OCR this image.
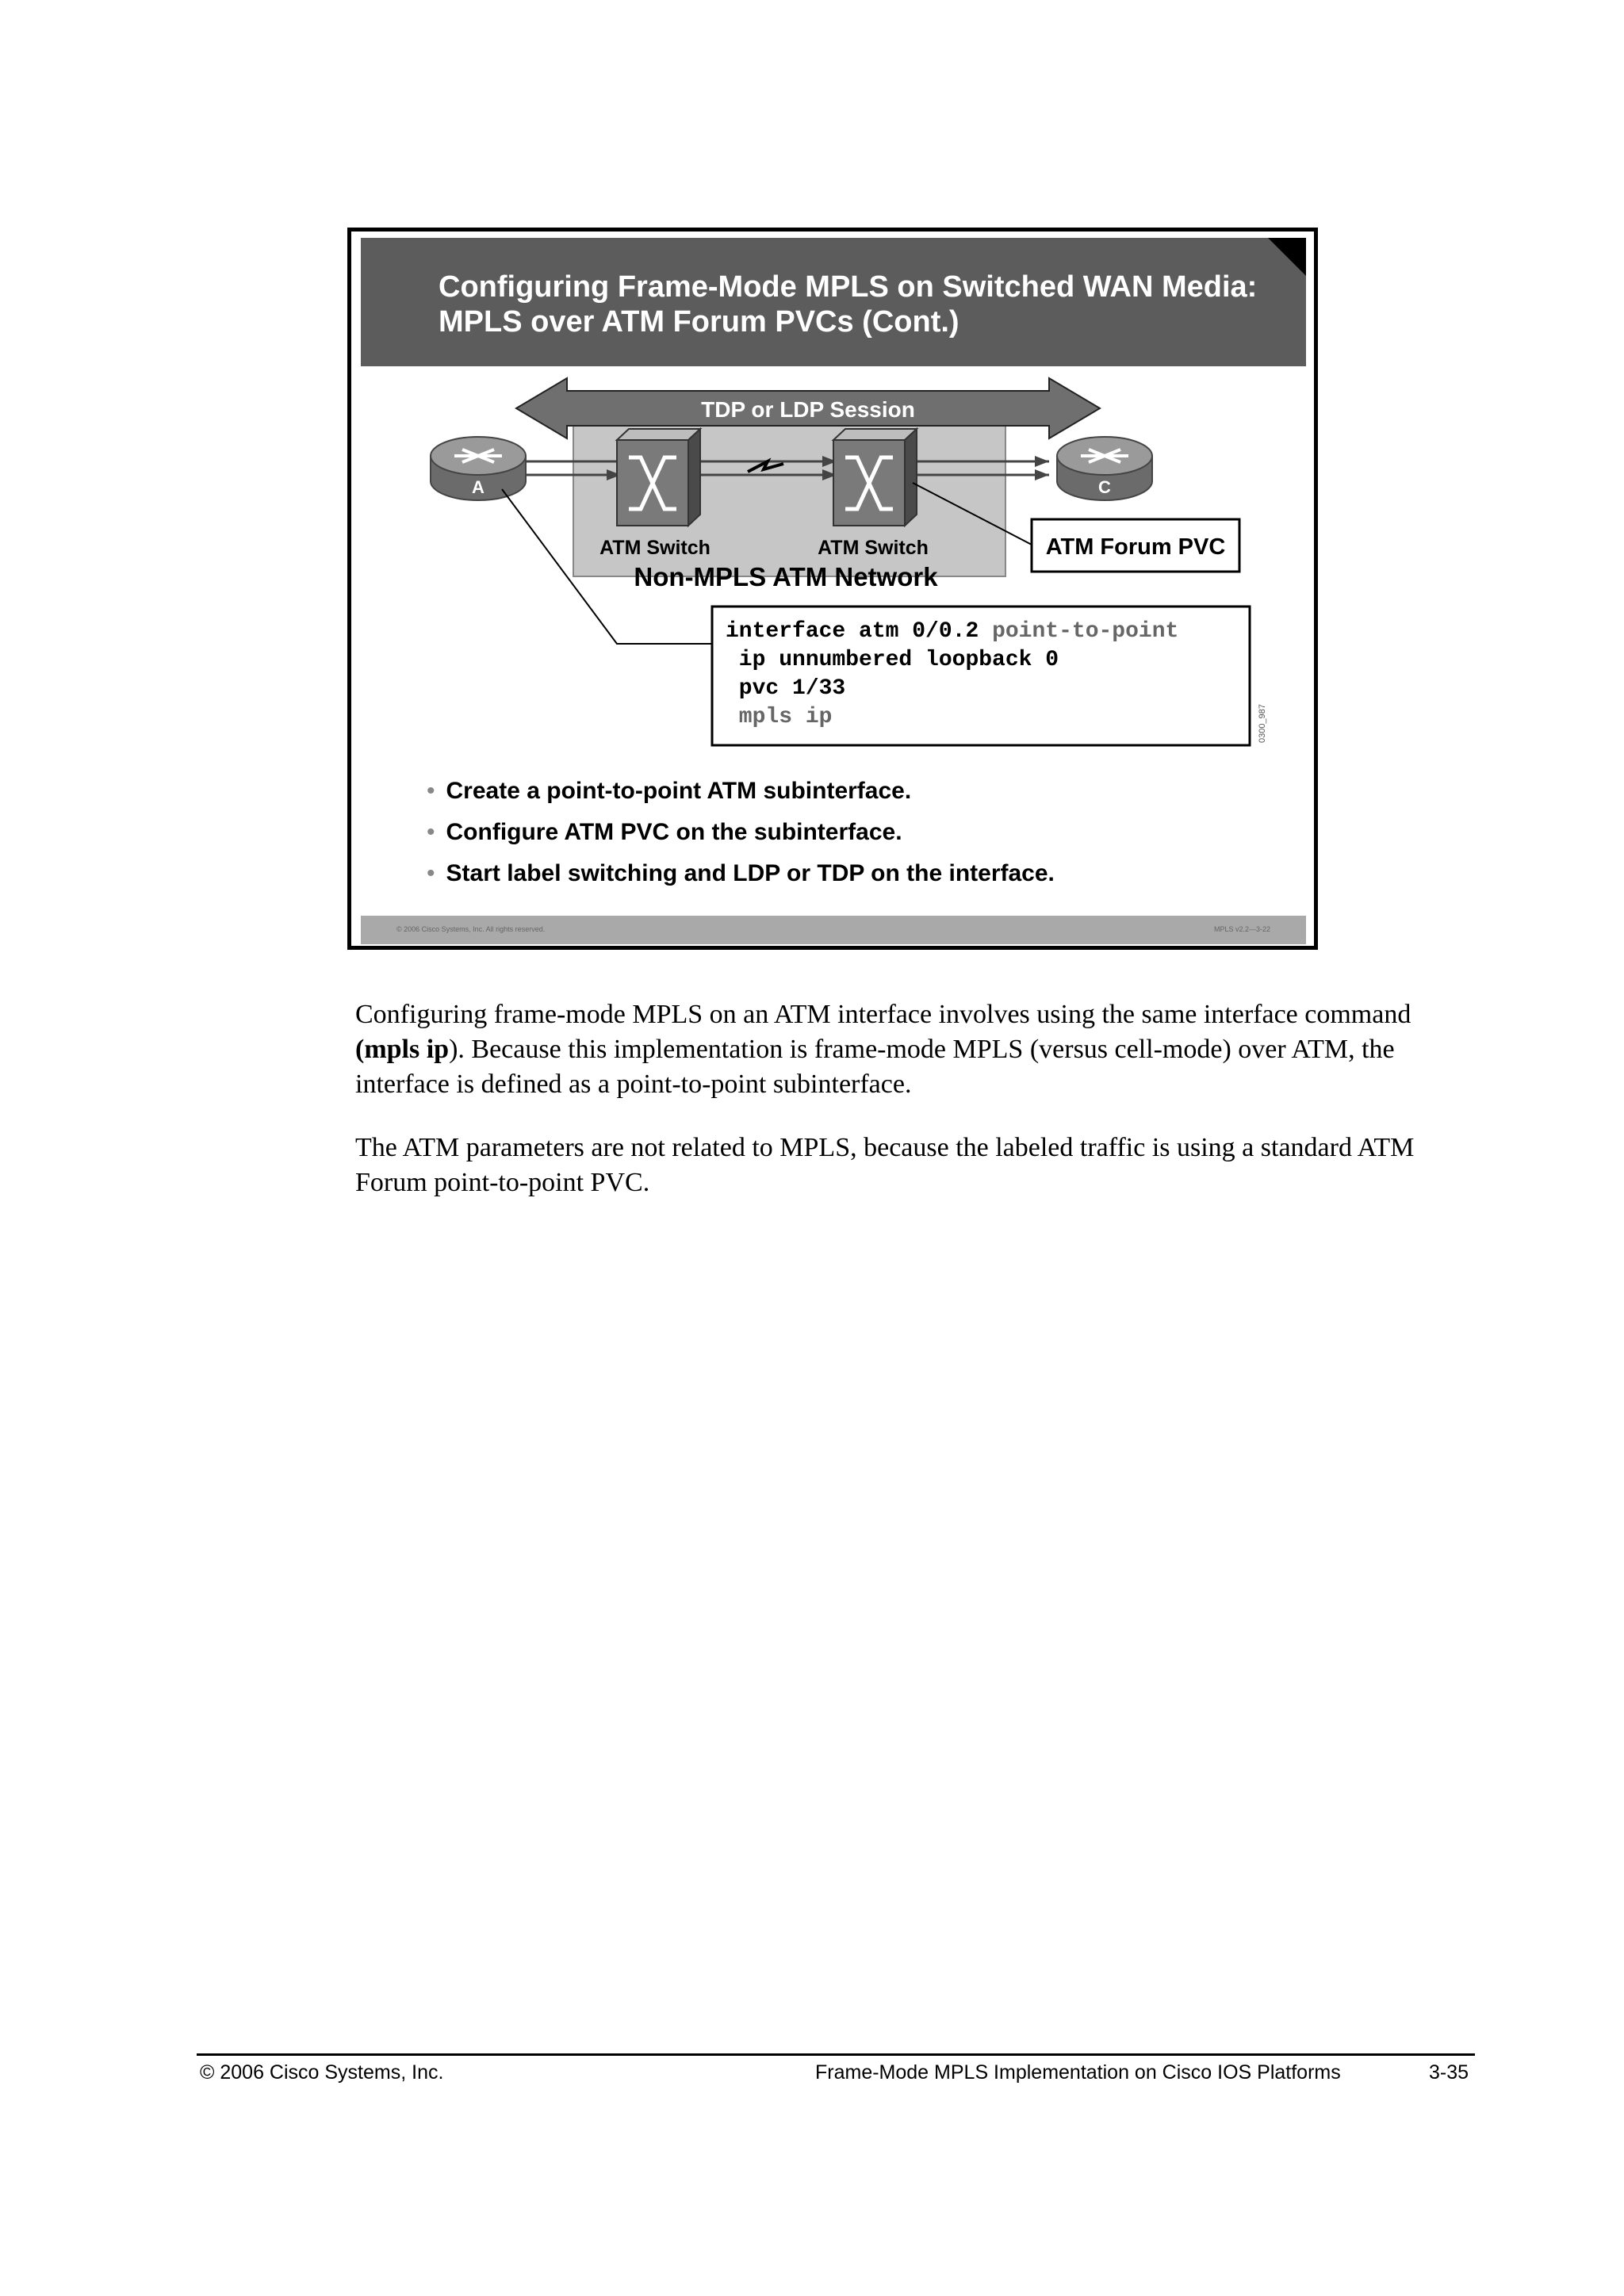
Configuring Frame-Mode MPLS on Switched WAN Media:
MPLS over ATM Forum PVCs (Cont.)
TDP or LDP Session
A	C
ATM Switch	ATM Switch
Non-MPLS ATM Network
ATM Forum PVC
interface atm 0/0.2 point-to-point
ip unnumbered loopback 0
pvc 1/33
mpls ip	0300_987
• Create a point-to-point ATM subinterface.
• Configure ATM PVC on the subinterface.
• Start label switching and LDP or TDP on the interface.
© 2006 Cisco Systems, Inc. All rights reserved.	MPLS v2.2—3-22

Configuring frame-mode MPLS on an ATM interface involves using the same interface command (mpls ip). Because this implementation is frame-mode MPLS (versus cell-mode) over ATM, the interface is defined as a point-to-point subinterface.

The ATM parameters are not related to MPLS, because the labeled traffic is using a standard ATM Forum point-to-point PVC.

© 2006 Cisco Systems, Inc.	Frame-Mode MPLS Implementation on Cisco IOS Platforms	3-35
